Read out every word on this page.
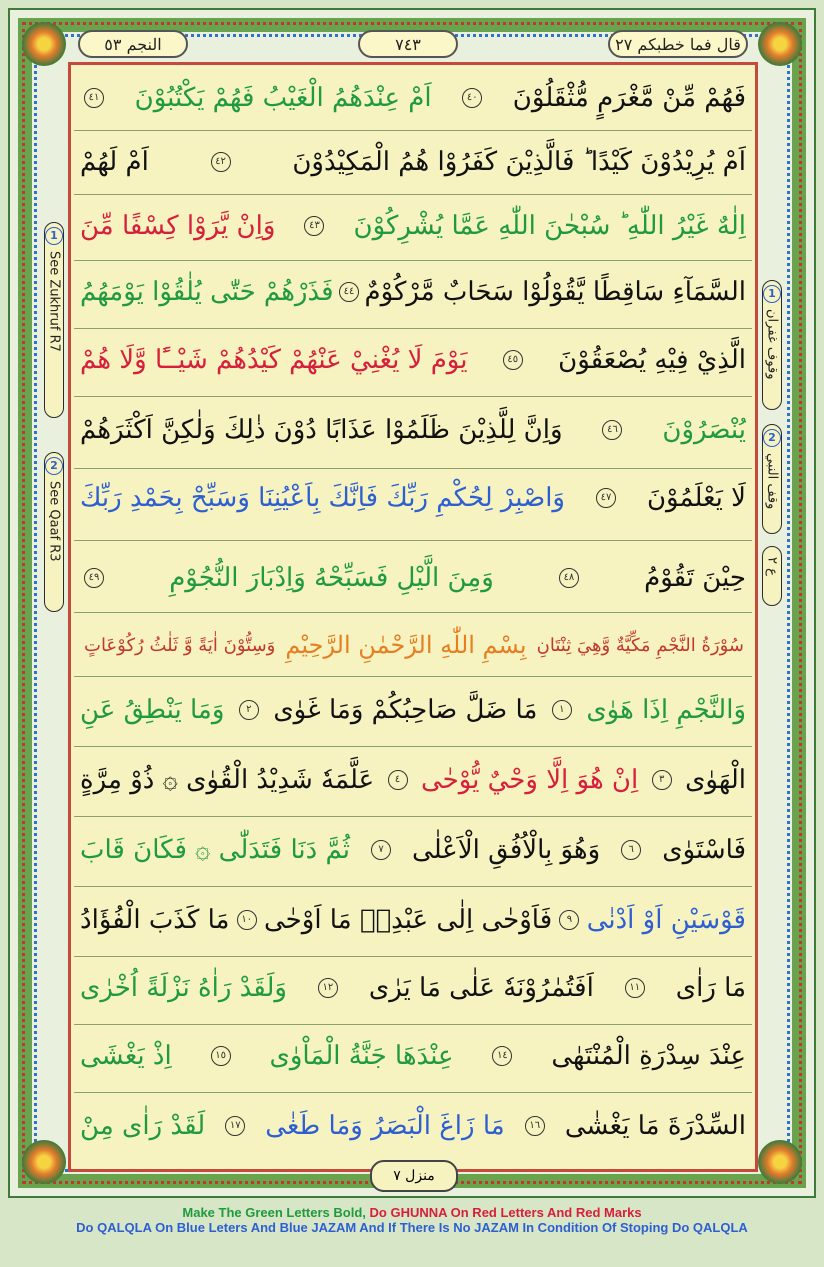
النجم ٥٣	٧٤٣	قال فما خطبكم ٢٧
1
See Zukhruf R7
2
See Qaaf R3
1
وقوف غفران
2
وقف النبي
ع ٢
فَهُمْ مِّنْ مَّغْرَمٍ مُّثْقَلُوْنَ
٤٠
اَمْ عِنْدَهُمُ الْغَيْبُ فَهُمْ يَكْتُبُوْنَ
٤١
اَمْ يُرِيْدُوْنَ كَيْدًا ؕ فَالَّذِيْنَ كَفَرُوْا هُمُ الْمَكِيْدُوْنَ
٤٢
اَمْ لَهُمْ
اِلٰهٌ غَيْرُ اللّٰهِ ؕ سُبْحٰنَ اللّٰهِ عَمَّا يُشْرِكُوْنَ
٤٣
وَاِنْ يَّرَوْا كِسْفًا مِّنَ
السَّمَآءِ سَاقِطًا يَّقُوْلُوْا سَحَابٌ مَّرْكُوْمٌ
٤٤
فَذَرْهُمْ حَتّٰى يُلٰقُوْا يَوْمَهُمُ
الَّذِيْ فِيْهِ يُصْعَقُوْنَ
٤٥
يَوْمَ لَا يُغْنِيْ عَنْهُمْ كَيْدُهُمْ شَيْــًٔا وَّلَا هُمْ
يُنْصَرُوْنَ
٤٦
وَاِنَّ لِلَّذِيْنَ ظَلَمُوْا عَذَابًا دُوْنَ ذٰلِكَ وَلٰكِنَّ اَكْثَرَهُمْ
لَا يَعْلَمُوْنَ
٤٧
وَاصْبِرْ لِحُكْمِ رَبِّكَ فَاِنَّكَ بِاَعْيُنِنَا وَسَبِّحْ بِحَمْدِ رَبِّكَ
حِيْنَ تَقُوْمُ
٤٨
وَمِنَ الَّيْلِ فَسَبِّحْهُ وَاِدْبَارَ النُّجُوْمِ
٤٩
سُوْرَةُ النَّجْمِ مَكِّيَّةٌ وَّهِيَ ثِنْتَانِ
بِسْمِ اللّٰهِ الرَّحْمٰنِ الرَّحِيْمِ
وَسِتُّوْنَ اٰيَةً وَّ ثَلٰثُ رُكُوْعَاتٍ
وَالنَّجْمِ اِذَا هَوٰى
١
مَا ضَلَّ صَاحِبُكُمْ وَمَا غَوٰى
٢
وَمَا يَنْطِقُ عَنِ
الْهَوٰى
٣
اِنْ هُوَ اِلَّا وَحْيٌ يُّوْحٰى
٤
عَلَّمَهٗ شَدِيْدُ الْقُوٰى ۞ ذُوْ مِرَّةٍ
فَاسْتَوٰى
٦
وَهُوَ بِالْاُفُقِ الْاَعْلٰى
٧
ثُمَّ دَنَا فَتَدَلّٰى ۞ فَكَانَ قَابَ
قَوْسَيْنِ اَوْ اَدْنٰى
٩
فَاَوْحٰى اِلٰى عَبْدِهٖ مَا اَوْحٰى
١٠
مَا كَذَبَ الْفُؤَادُ
مَا رَاٰى
١١
اَفَتُمٰرُوْنَهٗ عَلٰى مَا يَرٰى
١٢
وَلَقَدْ رَاٰهُ نَزْلَةً اُخْرٰى
عِنْدَ سِدْرَةِ الْمُنْتَهٰى
١٤
عِنْدَهَا جَنَّةُ الْمَاْوٰى
١٥
اِذْ يَغْشَى
السِّدْرَةَ مَا يَغْشٰى
١٦
مَا زَاغَ الْبَصَرُ وَمَا طَغٰى
١٧
لَقَدْ رَاٰى مِنْ
منزل ٧
Make The Green Letters Bold, Do GHUNNA On Red Letters And Red Marks
Do QALQLA On Blue Leters And Blue JAZAM And If There Is No JAZAM In Condition Of Stoping Do QALQLA
